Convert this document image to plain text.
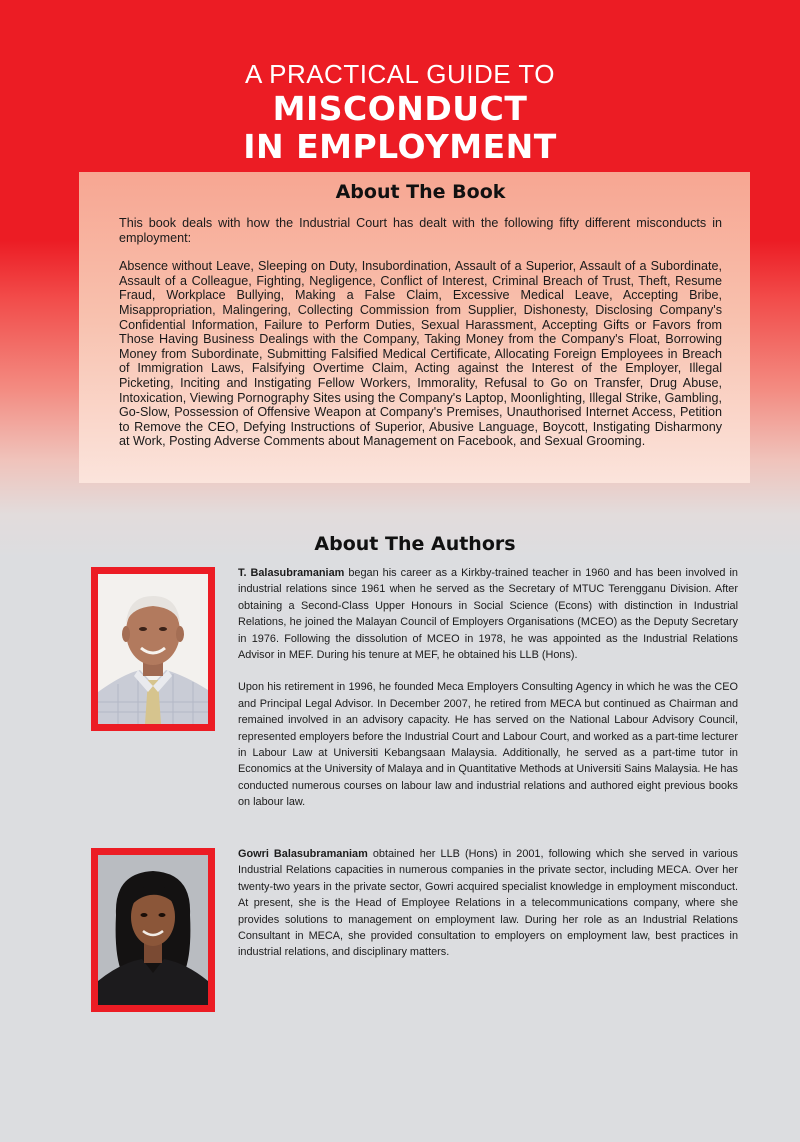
A PRACTICAL GUIDE TO
MISCONDUCT
IN EMPLOYMENT
About The Book

This book deals with how the Industrial Court has dealt with the following fifty different misconducts in employment:

Absence without Leave, Sleeping on Duty, Insubordination, Assault of a Superior, Assault of a Subordinate, Assault of a Colleague, Fighting, Negligence, Conflict of Interest, Criminal Breach of Trust, Theft, Resume Fraud, Workplace Bullying, Making a False Claim, Excessive Medical Leave, Accepting Bribe, Misappropriation, Malingering, Collecting Commission from Supplier, Dishonesty, Disclosing Company's Confidential Information, Failure to Perform Duties, Sexual Harassment, Accepting Gifts or Favors from Those Having Business Dealings with the Company, Taking Money from the Company's Float, Borrowing Money from Subordinate, Submitting Falsified Medical Certificate, Allocating Foreign Employees in Breach of Immigration Laws, Falsifying Overtime Claim, Acting against the Interest of the Employer, Illegal Picketing, Inciting and Instigating Fellow Workers, Immorality, Refusal to Go on Transfer, Drug Abuse, Intoxication, Viewing Pornography Sites using the Company's Laptop, Moonlighting, Illegal Strike, Gambling, Go-Slow, Possession of Offensive Weapon at Company's Premises, Unauthorised Internet Access, Petition to Remove the CEO, Defying Instructions of Superior, Abusive Language, Boycott, Instigating Disharmony at Work, Posting Adverse Comments about Management on Facebook, and Sexual Grooming.

About The Authors

T. Balasubramaniam began his career as a Kirkby-trained teacher in 1960 and has been involved in industrial relations since 1961 when he served as the Secretary of MTUC Terengganu Division. After obtaining a Second-Class Upper Honours in Social Science (Econs) with distinction in Industrial Relations, he joined the Malayan Council of Employers Organisations (MCEO) as the Deputy Secretary in 1976. Following the dissolution of MCEO in 1978, he was appointed as the Industrial Relations Advisor in MEF. During his tenure at MEF, he obtained his LLB (Hons).

Upon his retirement in 1996, he founded Meca Employers Consulting Agency in which he was the CEO and Principal Legal Advisor. In December 2007, he retired from MECA but continued as Chairman and remained involved in an advisory capacity. He has served on the National Labour Advisory Council, represented employers before the Industrial Court and Labour Court, and worked as a part-time lecturer in Labour Law at Universiti Kebangsaan Malaysia. Additionally, he served as a part-time tutor in Economics at the University of Malaya and in Quantitative Methods at Universiti Sains Malaysia. He has conducted numerous courses on labour law and industrial relations and authored eight previous books on labour law.

Gowri Balasubramaniam obtained her LLB (Hons) in 2001, following which she served in various Industrial Relations capacities in numerous companies in the private sector, including MECA. Over her twenty-two years in the private sector, Gowri acquired specialist knowledge in employment misconduct. At present, she is the Head of Employee Relations in a telecommunications company, where she provides solutions to management on employment law. During her role as an Industrial Relations Consultant in MECA, she provided consultation to employers on employment law, best practices in industrial relations, and disciplinary matters.
